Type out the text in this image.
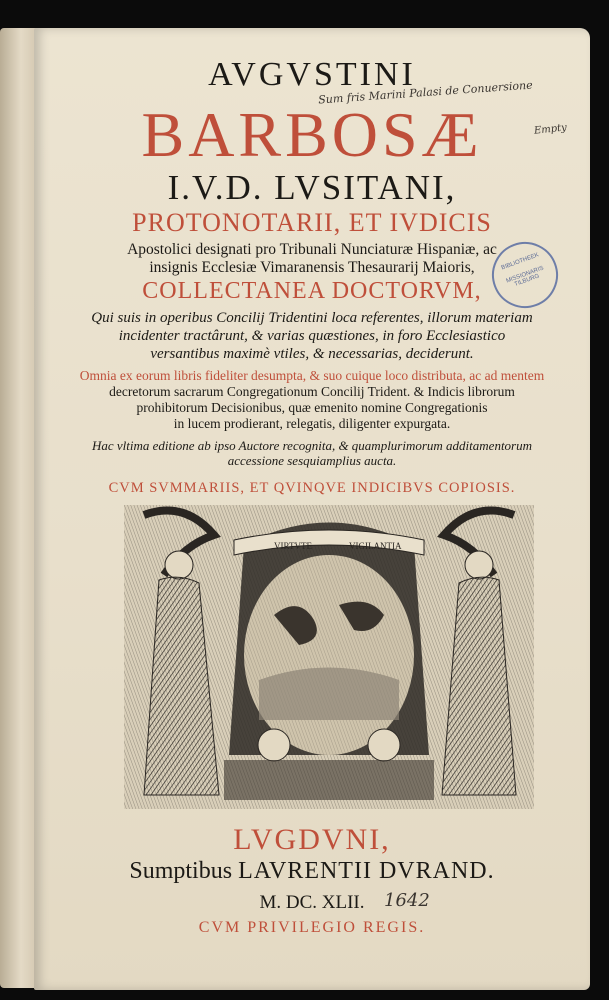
AVGVSTINI
BARBOSÆ
I.V.D. LVSITANI,
PROTONOTARII, ET IVDICIS
Apostolici designati pro Tribunali Nunciaturæ Hispaniæ, ac
insignis Ecclesiæ Vimaranensis Thesaurarij Maioris,
COLLECTANEA DOCTORVM,
Qui suis in operibus Concilij Tridentini loca referentes, illorum materiam
incidenter tractârunt, & varias quæstiones, in foro Ecclesiastico
versantibus maximè vtiles, & necessarias, deciderunt.
Omnia ex eorum libris fideliter desumpta, & suo cuique loco distributa, ac ad mentem
decretorum sacrarum Congregationum Concilij Trident. & Indicis librorum
prohibitorum Decisionibus, quæ emenito nomine Congregationis
in lucem prodierant, relegatis, diligenter expurgata.
Hac vltima editione ab ipso Auctore recognita, & quamplurimorum additamentorum
accessione sesquiamplius aucta.
CVM SVMMARIIS, ET QVINQVE INDICIBVS COPIOSIS.
VIRTVTE	VIGILANTIA
LVGDVNI,
Sumptibus LAVRENTII DVRAND.
M. DC. XLII.
CVM PRIVILEGIO REGIS.
Sum fris Marini Palasi de Conuersione
Empty
1642
BIBLIOTHEEK
MISSIONARIS TILBURG
